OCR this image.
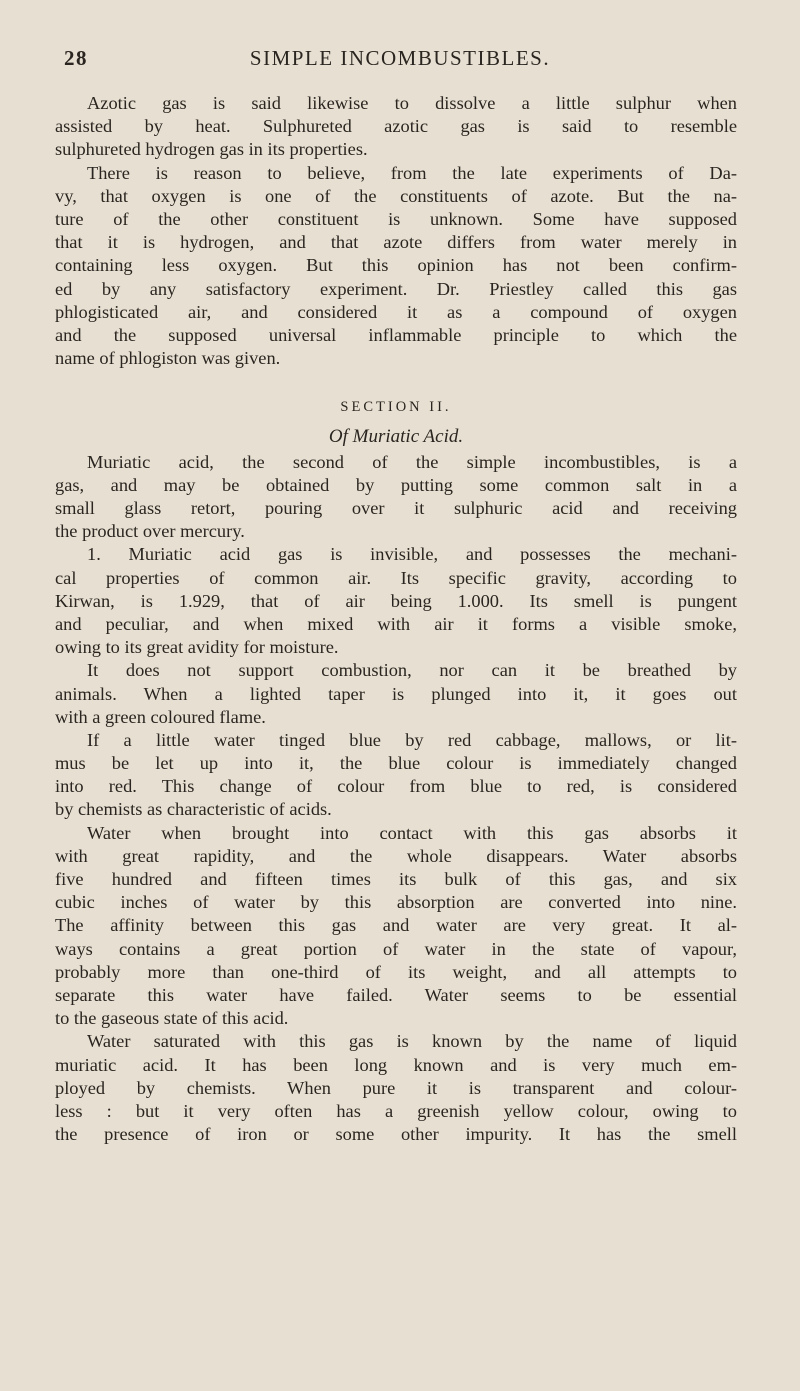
28	SIMPLE INCOMBUSTIBLES.
Azotic gas is said likewise to dissolve a little sulphur when
assisted by heat. Sulphureted azotic gas is said to resemble
sulphureted hydrogen gas in its properties.
There is reason to believe, from the late experiments of Da-
vy, that oxygen is one of the constituents of azote. But the na-
ture of the other constituent is unknown. Some have supposed
that it is hydrogen, and that azote differs from water merely in
containing less oxygen. But this opinion has not been confirm-
ed by any satisfactory experiment. Dr. Priestley called this gas
phlogisticated air, and considered it as a compound of oxygen
and the supposed universal inflammable principle to which the
name of phlogiston was given.
SECTION II.
Of Muriatic Acid.
Muriatic acid, the second of the simple incombustibles, is a
gas, and may be obtained by putting some common salt in a
small glass retort, pouring over it sulphuric acid and receiving
the product over mercury.
1. Muriatic acid gas is invisible, and possesses the mechani-
cal properties of common air. Its specific gravity, according to
Kirwan, is 1.929, that of air being 1.000. Its smell is pungent
and peculiar, and when mixed with air it forms a visible smoke,
owing to its great avidity for moisture.
It does not support combustion, nor can it be breathed by
animals. When a lighted taper is plunged into it, it goes out
with a green coloured flame.
If a little water tinged blue by red cabbage, mallows, or lit-
mus be let up into it, the blue colour is immediately changed
into red. This change of colour from blue to red, is considered
by chemists as characteristic of acids.
Water when brought into contact with this gas absorbs it
with great rapidity, and the whole disappears. Water absorbs
five hundred and fifteen times its bulk of this gas, and six
cubic inches of water by this absorption are converted into nine.
The affinity between this gas and water are very great. It al-
ways contains a great portion of water in the state of vapour,
probably more than one-third of its weight, and all attempts to
separate this water have failed. Water seems to be essential
to the gaseous state of this acid.
Water saturated with this gas is known by the name of liquid
muriatic acid. It has been long known and is very much em-
ployed by chemists. When pure it is transparent and colour-
less : but it very often has a greenish yellow colour, owing to
the presence of iron or some other impurity. It has the smell
